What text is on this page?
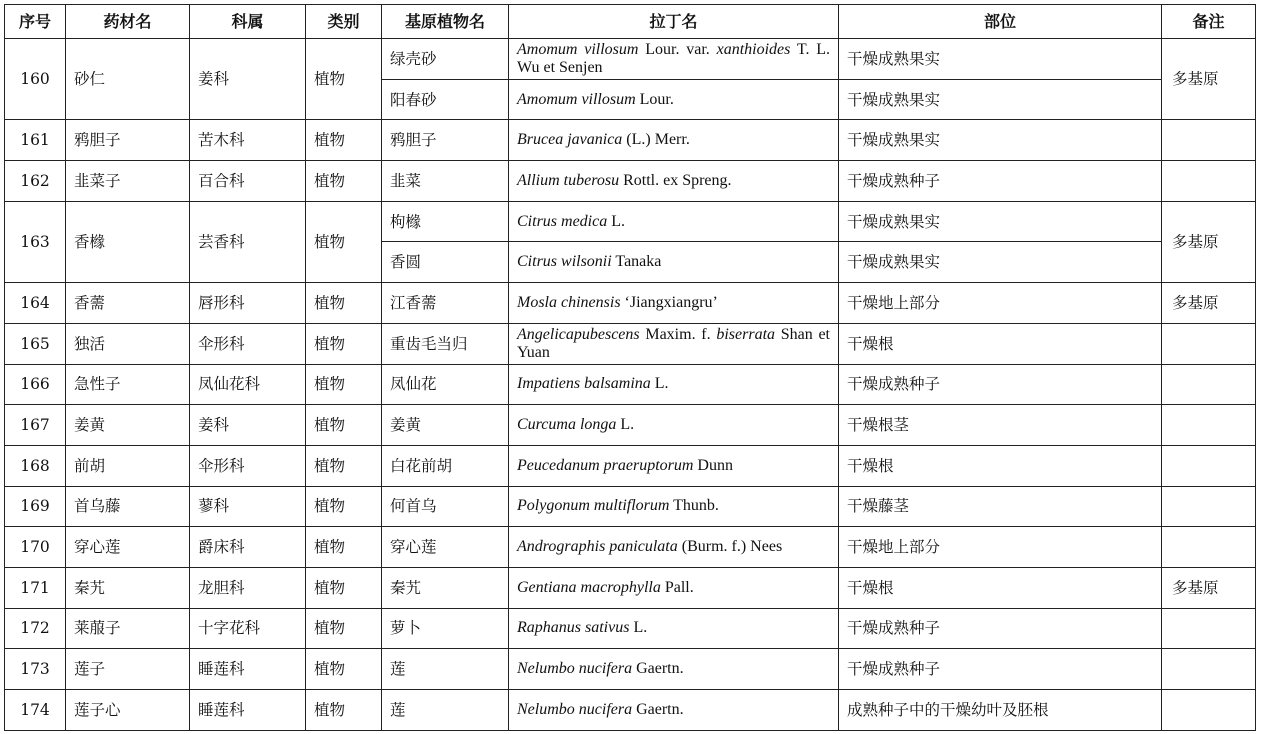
序号	药材名	科属	类别	基原植物名	拉丁名	部位	备注
160	砂仁	姜科	植物	绿壳砂	Amomum villosum Lour. var. xanthioides T. L. Wu et Senjen	干燥成熟果实	多基原
				阳春砂	Amomum villosum Lour.	干燥成熟果实	
161	鸦胆子	苦木科	植物	鸦胆子	Brucea javanica (L.) Merr.	干燥成熟果实	
162	韭菜子	百合科	植物	韭菜	Allium tuberosu Rottl. ex Spreng.	干燥成熟种子	
163	香橼	芸香科	植物	枸橼	Citrus medica L.	干燥成熟果实	多基原
				香圆	Citrus wilsonii Tanaka	干燥成熟果实	
164	香薷	唇形科	植物	江香薷	Mosla chinensis ‘Jiangxiangru’	干燥地上部分	多基原
165	独活	伞形科	植物	重齿毛当归	Angelicapubescens Maxim. f. biserrata Shan et Yuan	干燥根	
166	急性子	凤仙花科	植物	凤仙花	Impatiens balsamina L.	干燥成熟种子	
167	姜黄	姜科	植物	姜黄	Curcuma longa L.	干燥根茎	
168	前胡	伞形科	植物	白花前胡	Peucedanum praeruptorum Dunn	干燥根	
169	首乌藤	蓼科	植物	何首乌	Polygonum multiflorum Thunb.	干燥藤茎	
170	穿心莲	爵床科	植物	穿心莲	Andrographis paniculata (Burm. f.) Nees	干燥地上部分	
171	秦艽	龙胆科	植物	秦艽	Gentiana macrophylla Pall.	干燥根	多基原
172	莱菔子	十字花科	植物	萝卜	Raphanus sativus L.	干燥成熟种子	
173	莲子	睡莲科	植物	莲	Nelumbo nucifera Gaertn.	干燥成熟种子	
174	莲子心	睡莲科	植物	莲	Nelumbo nucifera Gaertn.	成熟种子中的干燥幼叶及胚根	
